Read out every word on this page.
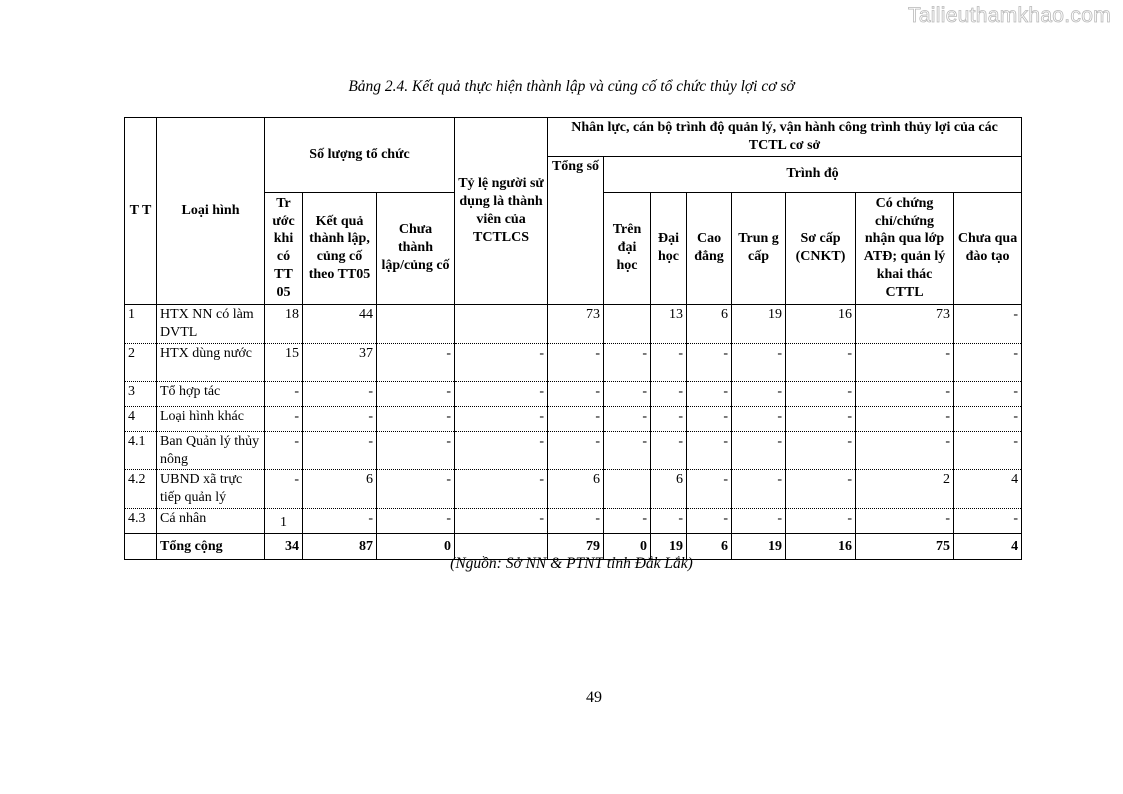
Tailieuthamkhao.com
Bảng 2.4. Kết quả thực hiện thành lập và củng cố tổ chức thủy lợi cơ sở
T T	Loại hình	Số lượng tổ chức			Tỷ lệ người sử dụng là thành viên của TCTLCS	Nhân lực, cán bộ trình độ quản lý, vận hành công trình thủy lợi của các TCTL cơ sở							
						Tổng số	Trình độ						
		Tr ước khi có TT 05	Kết quả thành lập, củng cố theo TT05	Chưa thành lập/củng cố			Trên đại học	Đại học	Cao đẳng	Trun g cấp	Sơ cấp (CNKT)	Có chứng chỉ/chứng nhận qua lớp ATĐ; quản lý khai thác CTTL	Chưa qua đào tạo
1	HTX NN có làm DVTL	18	44			73		13	6	19	16	73	-
2	HTX dùng nước	15	37	-	-	-	-	-	-	-	-	-	-
3	Tổ hợp tác	-	-	-	-	-	-	-	-	-	-	-	-
4	Loại hình khác	-	-	-	-	-	-	-	-	-	-	-	-
4.1	Ban Quản lý thủy nông	-	-	-	-	-	-	-	-	-	-	-	-
4.2	UBND xã trực tiếp quản lý	-	6	-	-	6		6	-	-	-	2	4
4.3	Cá nhân	1	-	-	-	-	-	-	-	-	-	-	-
	Tổng cộng	34	87	0		79	0	19	6	19	16	75	4
(Nguồn: Sở NN & PTNT tỉnh Đắk Lắk)
49
